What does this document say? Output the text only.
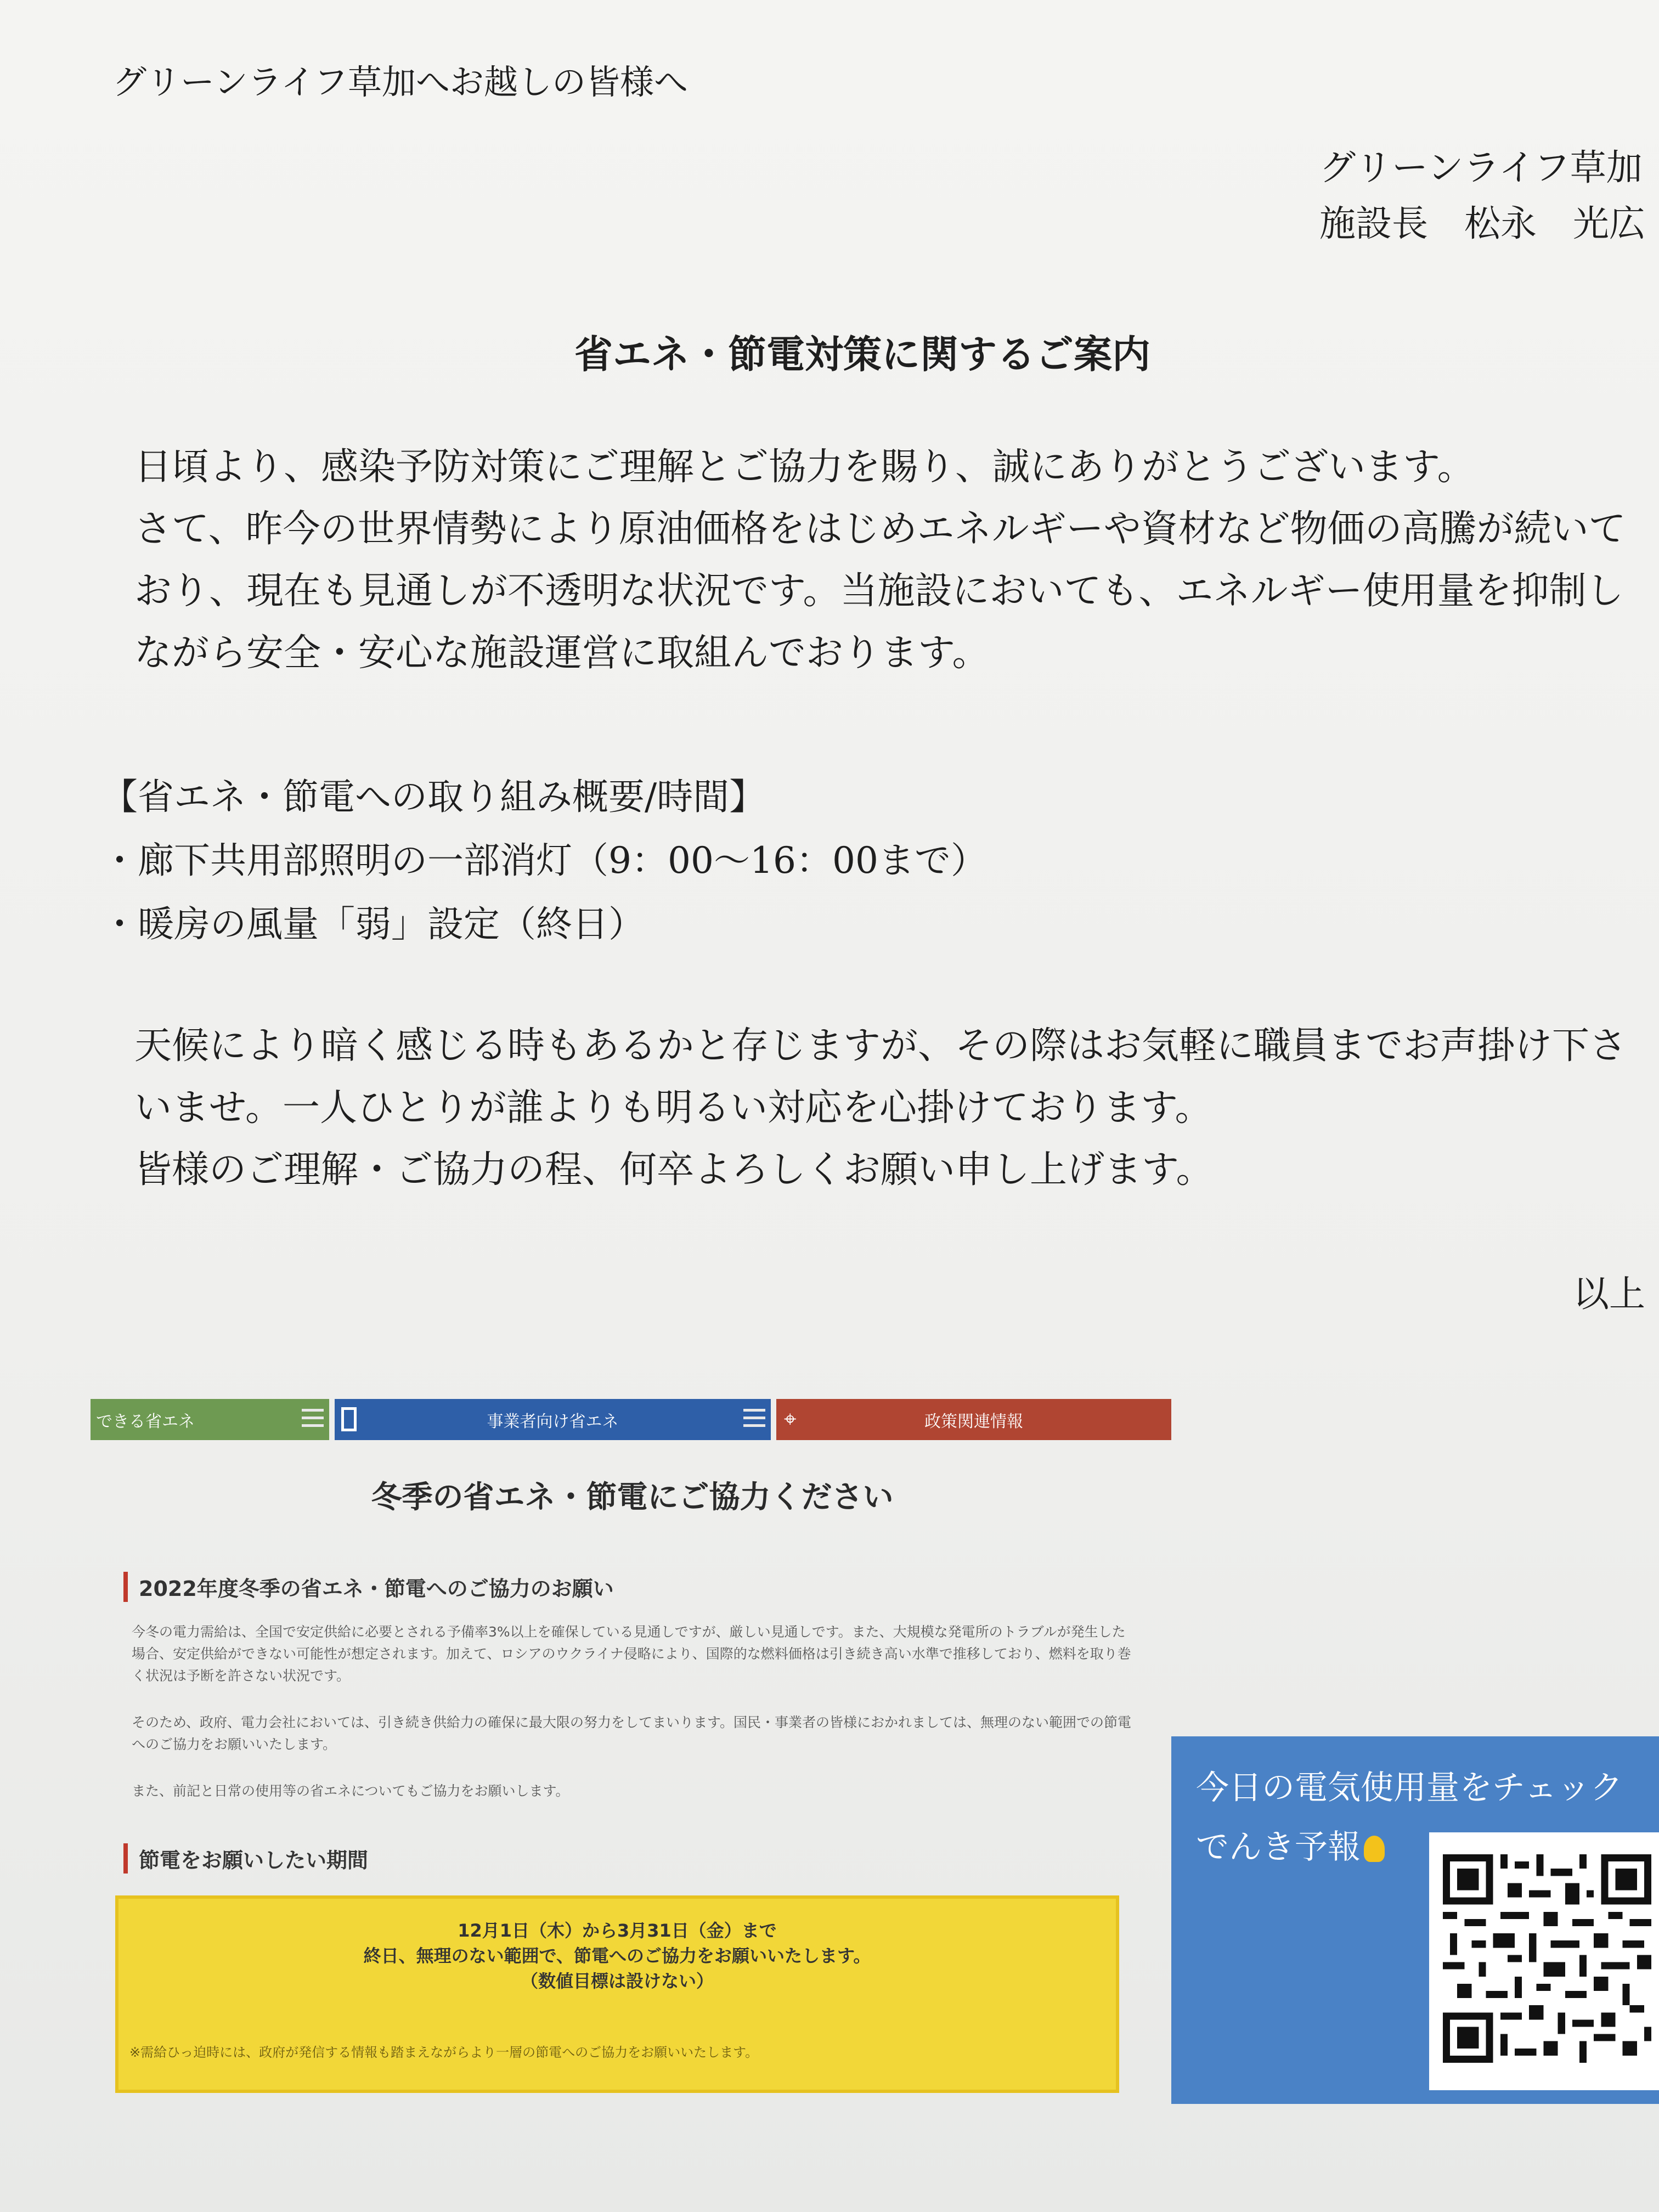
グリーンライフ草加へお越しの皆様へ
グリーンライフ草加
施設長　松永　光広
省エネ・節電対策に関するご案内
日頃より、感染予防対策にご理解とご協力を賜り、誠にありがとうございます。
さて、昨今の世界情勢により原油価格をはじめエネルギーや資材など物価の高騰が続いており、現在も見通しが不透明な状況です。当施設においても、エネルギー使用量を抑制しながら安全・安心な施設運営に取組んでおります。
【省エネ・節電への取り組み概要/時間】
・廊下共用部照明の一部消灯（9：00～16：00まで）
・暖房の風量「弱」設定（終日）
天候により暗く感じる時もあるかと存じますが、その際はお気軽に職員までお声掛け下さいませ。一人ひとりが誰よりも明るい対応を心掛けております。
皆様のご理解・ご協力の程、何卒よろしくお願い申し上げます。
以上
できる省エネ	事業者向け省エネ	⌖	政策関連情報
冬季の省エネ・節電にご協力ください
2022年度冬季の省エネ・節電へのご協力のお願い
今冬の電力需給は、全国で安定供給に必要とされる予備率3%以上を確保している見通しですが、厳しい見通しです。また、大規模な発電所のトラブルが発生した場合、安定供給ができない可能性が想定されます。加えて、ロシアのウクライナ侵略により、国際的な燃料価格は引き続き高い水準で推移しており、燃料を取り巻く状況は予断を許さない状況です。
そのため、政府、電力会社においては、引き続き供給力の確保に最大限の努力をしてまいります。国民・事業者の皆様におかれましては、無理のない範囲での節電へのご協力をお願いいたします。
また、前記と日常の使用等の省エネについてもご協力をお願いします。
節電をお願いしたい期間
12月1日（木）から3月31日（金）まで
終日、無理のない範囲で、節電へのご協力をお願いいたします。
（数値目標は設けない）
※需給ひっ迫時には、政府が発信する情報も踏まえながらより一層の節電へのご協力をお願いいたします。
今日の電気使用量をチェック
でんき予報
